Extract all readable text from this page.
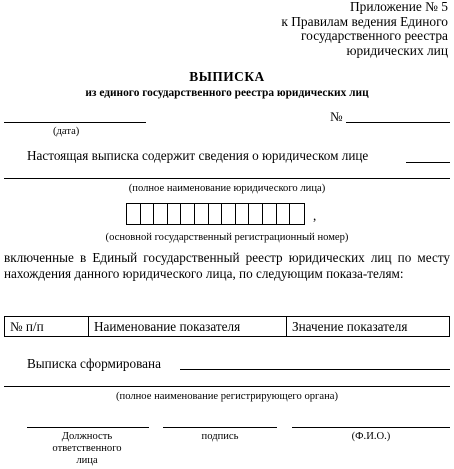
Приложение № 5
к Правилам ведения Единого
государственного реестра
юридических лиц
ВЫПИСКА
из единого государственного реестра юридических лиц
(дата)
№
Настоящая выписка содержит сведения о юридическом лице
(полное наименование юридического лица)
,
(основной государственный регистрационный номер)
включенные в Единый государственный реестр юридических лиц по месту нахождения данного юридического лица, по следующим показа-телям:
№ п/п	Наименование показателя	Значение показателя
Выписка сформирована
(полное наименование регистрирующего органа)
Должность ответственного лица
подпись	(Ф.И.О.)
